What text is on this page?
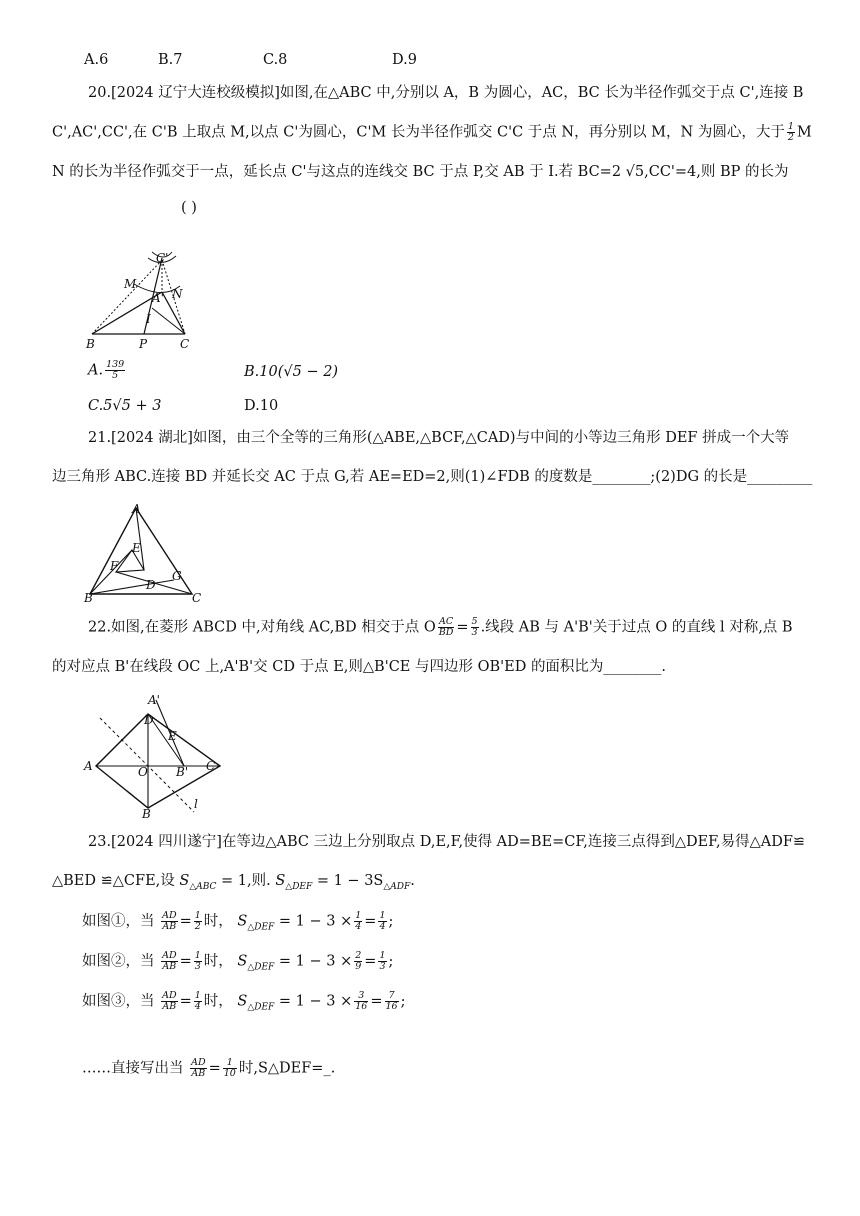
A.6	B.7	C.8	D.9
20.[2024 辽宁大连校级模拟]如图,在△ABC 中,分别以 A，B 为圆心，AC，BC 长为半径作弧交于点 C',连接 B
C',AC',CC',在 C'B 上取点 M,以点 C'为圆心，C'M 长为半径作弧交 C'C 于点 N，再分别以 M，N 为圆心，大于 $\frac{1}{2}$ M
N 的长为半径作弧交于一点，延长点 C'与这点的连线交 BC 于点 P,交 AB 于 I.若 BC=2 √5,CC'=4,则 BP 的长为
( )
C'
M
A' N
I
B	P	C
A. $\frac{139}{5}$	B.10(√5 − 2)
C.5√5 + 3	D.10
21.[2024 湖北]如图，由三个全等的三角形(△ABE,△BCF,△CAD)与中间的小等边三角形 DEF 拼成一个大等
边三角形 ABC.连接 BD 并延长交 AC 于点 G,若 AE=ED=2,则(1)∠FDB 的度数是________;(2)DG 的长是_________
A
E
F
D
G
B	C
22.如图,在菱形 ABCD 中,对角线 AC,BD 相交于点 O $\frac{AC}{BD} = \frac{5}{3}$ .线段 AB 与 A'B'关于过点 O 的直线 l 对称,点 B
的对应点 B'在线段 OC 上,A'B'交 CD 于点 E,则△B'CE 与四边形 OB'ED 的面积比为________.
A'
D
E
A	O B' C
B
l
23.[2024 四川遂宁]在等边△ABC 三边上分别取点 D,E,F,使得 AD=BE=CF,连接三点得到△DEF,易得△ADF≌
△BED ≌△CFE,设 $S_{\triangle ABC} = 1$,则. $S_{\triangle DEF} = 1 - 3S_{\triangle ADF}$.
如图①，当 $\frac{AD}{AB} = \frac{1}{2}$ 时， $S_{\triangle DEF} = 1 - 3 \times \frac{1}{4} = \frac{1}{4}$ ;
如图②，当 $\frac{AD}{AB} = \frac{1}{3}$ 时， $S_{\triangle DEF} = 1 - 3 \times \frac{2}{9} = \frac{1}{3}$ ;
如图③，当 $\frac{AD}{AB} = \frac{1}{4}$ 时， $S_{\triangle DEF} = 1 - 3 \times \frac{3}{16} = \frac{7}{16}$ ;
……直接写出当 $\frac{AD}{AB} = \frac{1}{10}$ 时,S△DEF=_.
